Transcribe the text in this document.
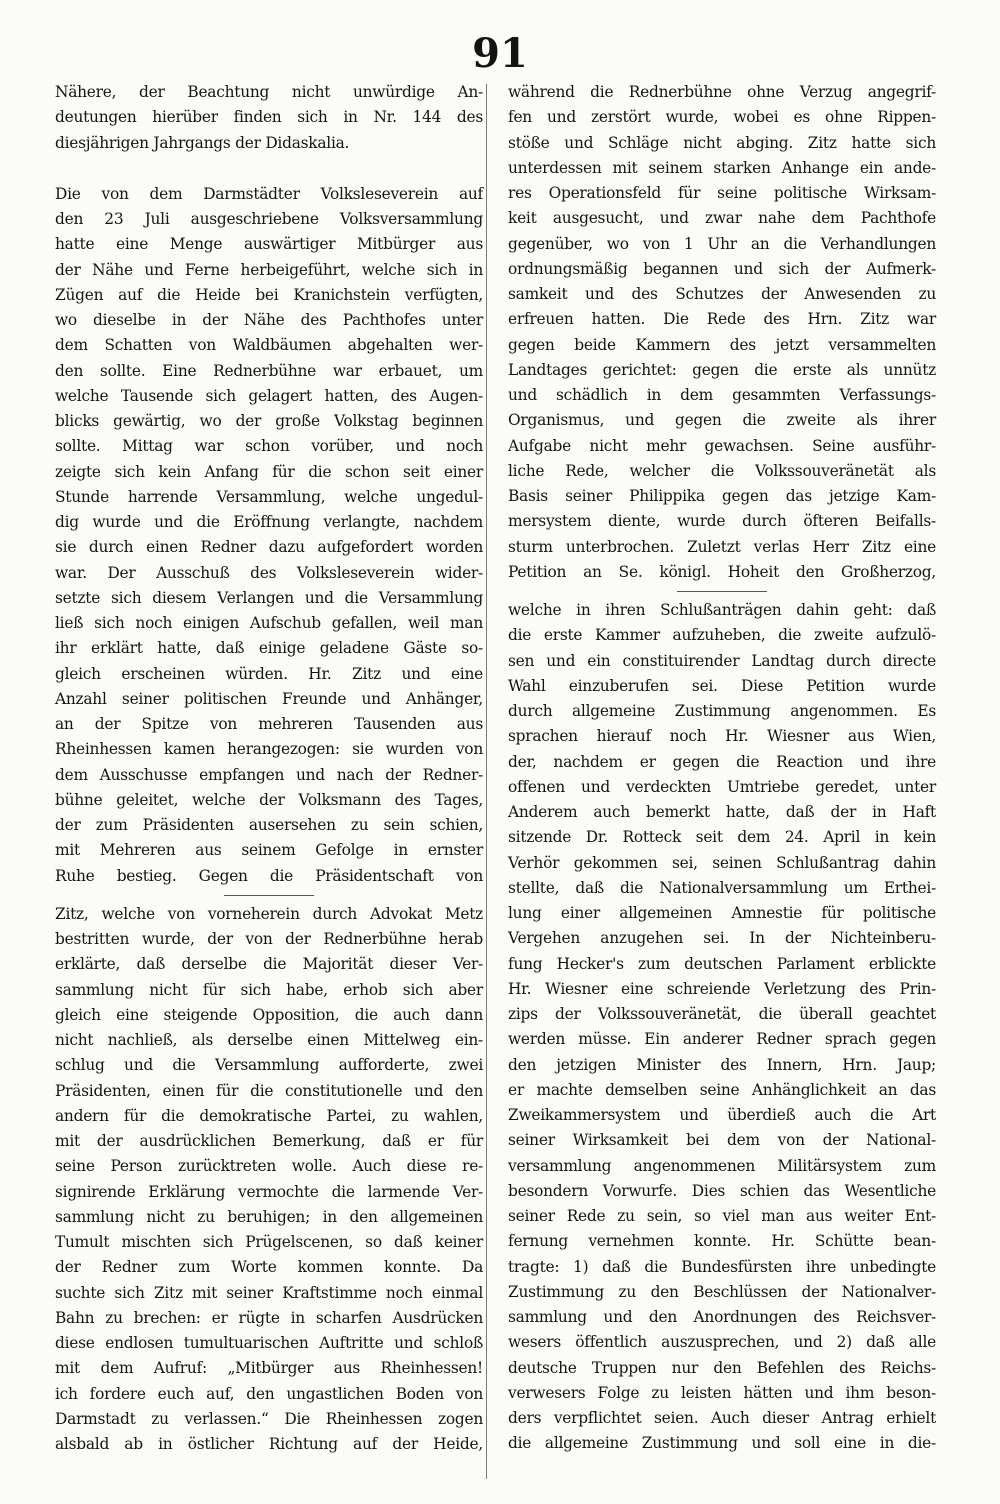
91
Nähere, der Beachtung nicht unwürdige An-
deutungen hierüber finden sich in Nr. 144 des
diesjährigen Jahrgangs der Didaskalia.
Die von dem Darmstädter Volksleseverein auf
den 23 Juli ausgeschriebene Volksversammlung
hatte eine Menge auswärtiger Mitbürger aus
der Nähe und Ferne herbeigeführt, welche sich in
Zügen auf die Heide bei Kranichstein verfügten,
wo dieselbe in der Nähe des Pachthofes unter
dem Schatten von Waldbäumen abgehalten wer-
den sollte. Eine Rednerbühne war erbauet, um
welche Tausende sich gelagert hatten, des Augen-
blicks gewärtig, wo der große Volkstag beginnen
sollte. Mittag war schon vorüber, und noch
zeigte sich kein Anfang für die schon seit einer
Stunde harrende Versammlung, welche ungedul-
dig wurde und die Eröffnung verlangte, nachdem
sie durch einen Redner dazu aufgefordert worden
war. Der Ausschuß des Volksleseverein wider-
setzte sich diesem Verlangen und die Versammlung
ließ sich noch einigen Aufschub gefallen, weil man
ihr erklärt hatte, daß einige geladene Gäste so-
gleich erscheinen würden. Hr. Zitz und eine
Anzahl seiner politischen Freunde und Anhänger,
an der Spitze von mehreren Tausenden aus
Rheinhessen kamen herangezogen: sie wurden von
dem Ausschusse empfangen und nach der Redner-
bühne geleitet, welche der Volksmann des Tages,
der zum Präsidenten ausersehen zu sein schien,
mit Mehreren aus seinem Gefolge in ernster
Ruhe bestieg. Gegen die Präsidentschaft von
Zitz, welche von vorneherein durch Advokat Metz
bestritten wurde, der von der Rednerbühne herab
erklärte, daß derselbe die Majorität dieser Ver-
sammlung nicht für sich habe, erhob sich aber
gleich eine steigende Opposition, die auch dann
nicht nachließ, als derselbe einen Mittelweg ein-
schlug und die Versammlung aufforderte, zwei
Präsidenten, einen für die constitutionelle und den
andern für die demokratische Partei, zu wahlen,
mit der ausdrücklichen Bemerkung, daß er für
seine Person zurücktreten wolle. Auch diese re-
signirende Erklärung vermochte die larmende Ver-
sammlung nicht zu beruhigen; in den allgemeinen
Tumult mischten sich Prügelscenen, so daß keiner
der Redner zum Worte kommen konnte. Da
suchte sich Zitz mit seiner Kraftstimme noch einmal
Bahn zu brechen: er rügte in scharfen Ausdrücken
diese endlosen tumultuarischen Auftritte und schloß
mit dem Aufruf: „Mitbürger aus Rheinhessen!
ich fordere euch auf, den ungastlichen Boden von
Darmstadt zu verlassen.“ Die Rheinhessen zogen
alsbald ab in östlicher Richtung auf der Heide,
während die Rednerbühne ohne Verzug angegrif-
fen und zerstört wurde, wobei es ohne Rippen-
stöße und Schläge nicht abging. Zitz hatte sich
unterdessen mit seinem starken Anhange ein ande-
res Operationsfeld für seine politische Wirksam-
keit ausgesucht, und zwar nahe dem Pachthofe
gegenüber, wo von 1 Uhr an die Verhandlungen
ordnungsmäßig begannen und sich der Aufmerk-
samkeit und des Schutzes der Anwesenden zu
erfreuen hatten. Die Rede des Hrn. Zitz war
gegen beide Kammern des jetzt versammelten
Landtages gerichtet: gegen die erste als unnütz
und schädlich in dem gesammten Verfassungs-
Organismus, und gegen die zweite als ihrer
Aufgabe nicht mehr gewachsen. Seine ausführ-
liche Rede, welcher die Volkssouveränetät als
Basis seiner Philippika gegen das jetzige Kam-
mersystem diente, wurde durch öfteren Beifalls-
sturm unterbrochen. Zuletzt verlas Herr Zitz eine
Petition an Se. königl. Hoheit den Großherzog,
welche in ihren Schlußanträgen dahin geht: daß
die erste Kammer aufzuheben, die zweite aufzulö-
sen und ein constituirender Landtag durch directe
Wahl einzuberufen sei. Diese Petition wurde
durch allgemeine Zustimmung angenommen. Es
sprachen hierauf noch Hr. Wiesner aus Wien,
der, nachdem er gegen die Reaction und ihre
offenen und verdeckten Umtriebe geredet, unter
Anderem auch bemerkt hatte, daß der in Haft
sitzende Dr. Rotteck seit dem 24. April in kein
Verhör gekommen sei, seinen Schlußantrag dahin
stellte, daß die Nationalversammlung um Erthei-
lung einer allgemeinen Amnestie für politische
Vergehen anzugehen sei. In der Nichteinberu-
fung Hecker's zum deutschen Parlament erblickte
Hr. Wiesner eine schreiende Verletzung des Prin-
zips der Volkssouveränetät, die überall geachtet
werden müsse. Ein anderer Redner sprach gegen
den jetzigen Minister des Innern, Hrn. Jaup;
er machte demselben seine Anhänglichkeit an das
Zweikammersystem und überdieß auch die Art
seiner Wirksamkeit bei dem von der National-
versammlung angenommenen Militärsystem zum
besondern Vorwurfe. Dies schien das Wesentliche
seiner Rede zu sein, so viel man aus weiter Ent-
fernung vernehmen konnte. Hr. Schütte bean-
tragte: 1) daß die Bundesfürsten ihre unbedingte
Zustimmung zu den Beschlüssen der Nationalver-
sammlung und den Anordnungen des Reichsver-
wesers öffentlich auszusprechen, und 2) daß alle
deutsche Truppen nur den Befehlen des Reichs-
verwesers Folge zu leisten hätten und ihm beson-
ders verpflichtet seien. Auch dieser Antrag erhielt
die allgemeine Zustimmung und soll eine in die-
